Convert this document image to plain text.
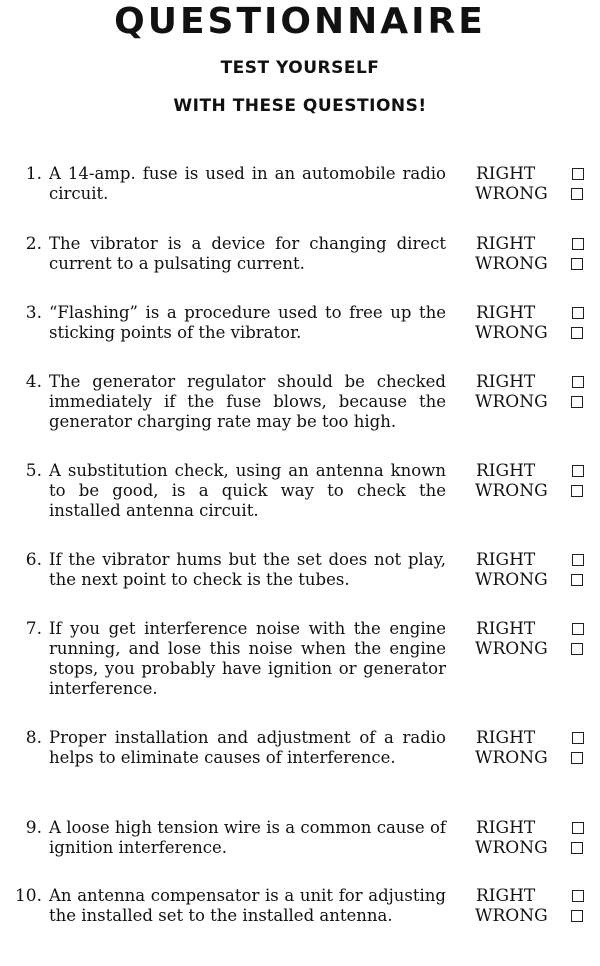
QUESTIONNAIRE
TEST YOURSELF
WITH THESE QUESTIONS!
1. A 14-amp. fuse is used in an automobile radio circuit.
RIGHT
WRONG
2. The vibrator is a device for changing direct current to a pulsating current.
RIGHT
WRONG
3. “Flashing” is a procedure used to free up the sticking points of the vibrator.
RIGHT
WRONG
4. The generator regulator should be checked immediately if the fuse blows, because the generator charging rate may be too high.
RIGHT
WRONG
5. A substitution check, using an antenna known to be good, is a quick way to check the installed antenna circuit.
RIGHT
WRONG
6. If the vibrator hums but the set does not play, the next point to check is the tubes.
RIGHT
WRONG
7. If you get interference noise with the engine running, and lose this noise when the engine stops, you probably have ignition or generator interference.
RIGHT
WRONG
8. Proper installation and adjustment of a radio helps to eliminate causes of interference.
RIGHT
WRONG
9. A loose high tension wire is a common cause of ignition interference.
RIGHT
WRONG
10. An antenna compensator is a unit for adjusting the installed set to the installed antenna.
RIGHT
WRONG
